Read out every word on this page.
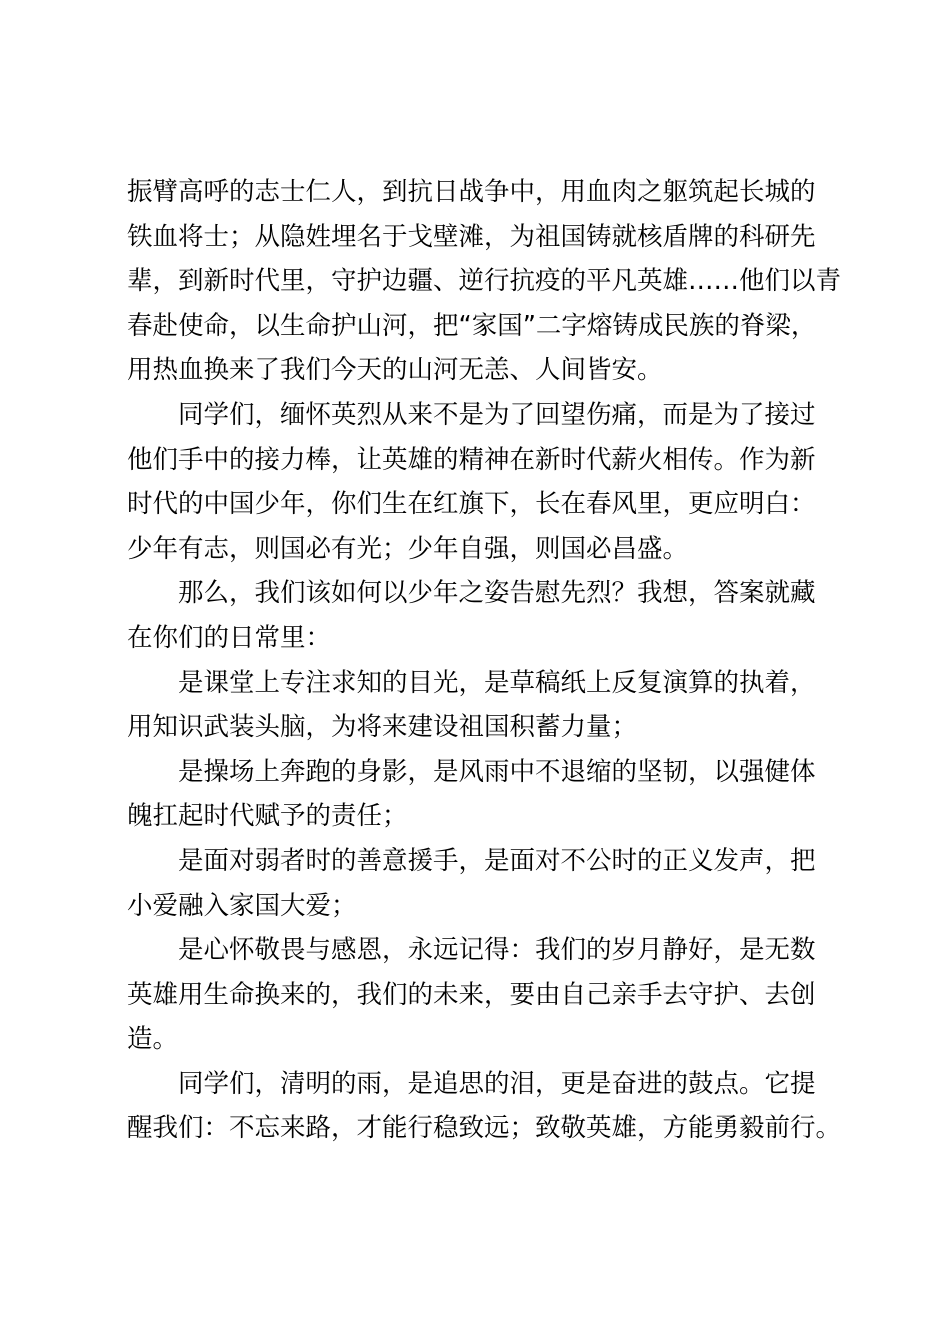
振臂高呼的志士仁人，到抗日战争中，用血肉之躯筑起长城的
铁血将士；从隐姓埋名于戈壁滩，为祖国铸就核盾牌的科研先
辈，到新时代里，守护边疆、逆行抗疫的平凡英雄……他们以青
春赴使命，以生命护山河，把“家国”二字熔铸成民族的脊梁，
用热血换来了我们今天的山河无恙、人间皆安。

同学们，缅怀英烈从来不是为了回望伤痛，而是为了接过
他们手中的接力棒，让英雄的精神在新时代薪火相传。作为新
时代的中国少年，你们生在红旗下，长在春风里，更应明白：
少年有志，则国必有光；少年自强，则国必昌盛。

那么，我们该如何以少年之姿告慰先烈？我想，答案就藏
在你们的日常里：

是课堂上专注求知的目光，是草稿纸上反复演算的执着，
用知识武装头脑，为将来建设祖国积蓄力量；

是操场上奔跑的身影，是风雨中不退缩的坚韧，以强健体
魄扛起时代赋予的责任；

是面对弱者时的善意援手，是面对不公时的正义发声，把
小爱融入家国大爱；

是心怀敬畏与感恩，永远记得：我们的岁月静好，是无数
英雄用生命换来的，我们的未来，要由自己亲手去守护、去创
造。

同学们，清明的雨，是追思的泪，更是奋进的鼓点。它提
醒我们：不忘来路，才能行稳致远；致敬英雄，方能勇毅前行。
